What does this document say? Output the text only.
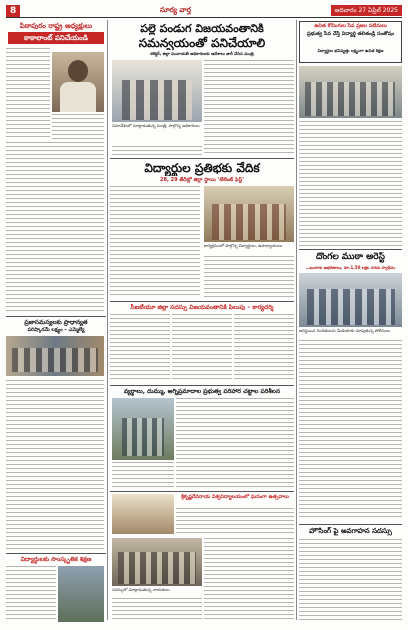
8	సూర్య వార్త	ఆదివారం 27 ఏప్రిల్ 2025
పిఠాపురం రాష్ట్ర అధ్యక్షులు
కాకాలాంట్ పనిచేయండి
ప్రజాసమస్యలకు ప్రాధాన్యత
పరిష్కారమే లక్ష్యం – ఎమ్మెల్యే
విద్యార్థులకు సాంస్కృతిక శిక్షణ
పల్లె పండుగ విజయవంతానికి
సమన్వయంతో పనిచేయాలి
కలెక్టర్, జిల్లా పంచాయతీ అధికారులకు ఆదేశాలు జారీ చేసిన మంత్రి
సమావేశంలో మాట్లాడుతున్న మంత్రి, పాల్గొన్న అధికారులు
విద్యార్థుల ప్రతిభకు వేదిక
28, 29 తేదీల్లో జిల్లా స్థాయి ‘టేలెంట్ ఫెస్ట్’
కార్యక్రమంలో పాల్గొన్న విద్యార్థులు, ఉపాధ్యాయులు
సీఐటీయూ జిల్లా సదస్సు విజయవంతానికి పిలుపు – కార్యదర్శి
వ్యర్థాలు, దుమ్ము, అగ్నిప్రమాదాల ప్రభుత్వ పరిహార చట్టాల పరిశీలన
శ్రీకృష్ణదేవరాయ విశ్వవిద్యాలయంలో ఘనంగా ఉత్సవాలు
సదస్సులో మాట్లాడుతున్న నాయకులు
ఉచిత కోచింగుల సేవ ప్రజల పటిమలు
ప్రభుత్వ సేవ చేస్తే విద్యార్థి తలితండ్రి సంతోషం
విద్యార్థుల భవిష్యత్తు లక్ష్యంగా ఉచిత శిక్షణ
దొంగల ముఠా అరెస్ట్
…బంగారు ఆభరణాలు, రూ.1,50 లక్షల నగదు స్వాధీనం
అరెస్టయిన నిందితులను మీడియాకు చూపుతున్న పోలీసులు
హౌసింగ్ పై అవగాహన సదస్సు
